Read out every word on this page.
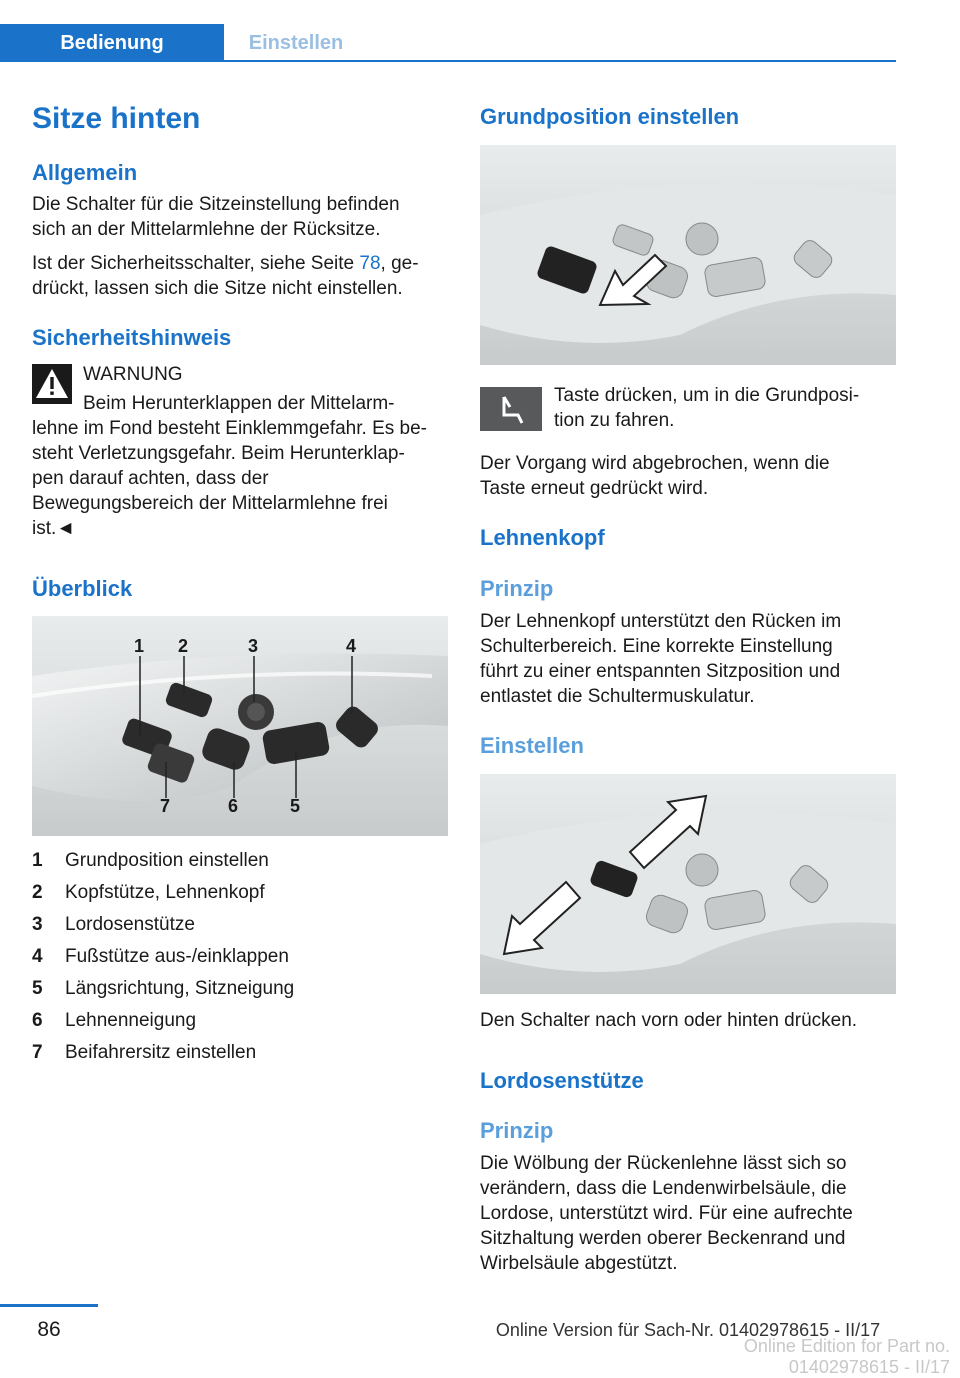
Bedienung	Einstellen
Sitze hinten
Allgemein
Die Schalter für die Sitzeinstellung befinden
sich an der Mittelarmlehne der Rücksitze.
Ist der Sicherheitsschalter, siehe Seite 78, ge-
drückt, lassen sich die Sitze nicht einstellen.
Sicherheitshinweis
WARNUNG
Beim Herunterklappen der Mittelarm-
lehne im Fond besteht Einklemmgefahr. Es be-
steht Verletzungsgefahr. Beim Herunterklap-
pen darauf achten, dass der
Bewegungsbereich der Mittelarmlehne frei
ist.◄
Überblick
1 2	3	4
7	6	5
1	Grundposition einstellen
2	Kopfstütze, Lehnenkopf
3	Lordosenstütze
4	Fußstütze aus-/einklappen
5	Längsrichtung, Sitzneigung
6	Lehnenneigung
7	Beifahrersitz einstellen
Grundposition einstellen
Taste drücken, um in die Grundposi-
tion zu fahren.
Der Vorgang wird abgebrochen, wenn die
Taste erneut gedrückt wird.
Lehnenkopf
Prinzip
Der Lehnenkopf unterstützt den Rücken im
Schulterbereich. Eine korrekte Einstellung
führt zu einer entspannten Sitzposition und
entlastet die Schultermuskulatur.
Einstellen
Den Schalter nach vorn oder hinten drücken.
Lordosenstütze
Prinzip
Die Wölbung der Rückenlehne lässt sich so
verändern, dass die Lendenwirbelsäule, die
Lordose, unterstützt wird. Für eine aufrechte
Sitzhaltung werden oberer Beckenrand und
Wirbelsäule abgestützt.
86	Online Version für Sach-Nr. 01402978615 - II/17
Online Edition for Part no. 01402978615 - II/17
